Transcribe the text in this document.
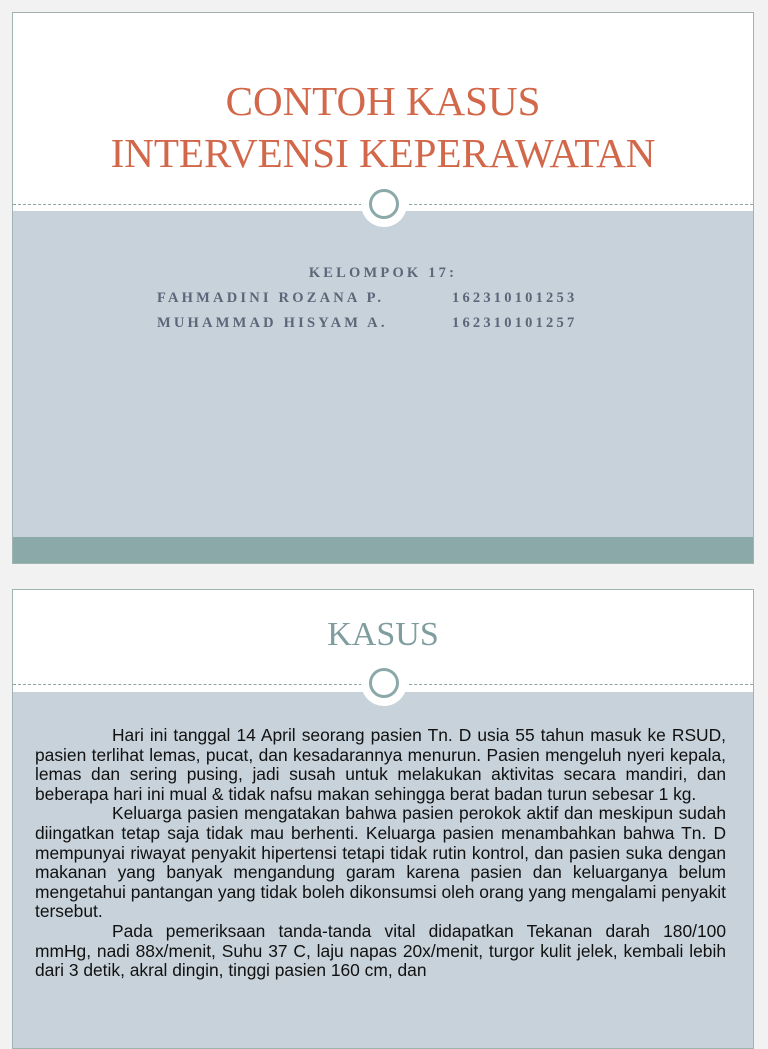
CONTOH KASUS
INTERVENSI KEPERAWATAN
KELOMPOK 17:
FAHMADINI ROZANA P.	162310101253
MUHAMMAD HISYAM A.	162310101257
KASUS

Hari ini tanggal 14 April seorang pasien Tn. D usia 55 tahun masuk ke RSUD, pasien terlihat lemas, pucat, dan kesadarannya menurun. Pasien mengeluh nyeri kepala, lemas dan sering pusing, jadi susah untuk melakukan aktivitas secara mandiri, dan beberapa hari ini mual & tidak nafsu makan sehingga berat badan turun sebesar 1 kg.

Keluarga pasien mengatakan bahwa pasien perokok aktif dan meskipun sudah diingatkan tetap saja tidak mau berhenti. Keluarga pasien menambahkan bahwa Tn. D mempunyai riwayat penyakit hipertensi tetapi tidak rutin kontrol, dan pasien suka dengan makanan yang banyak mengandung garam karena pasien dan keluarganya belum mengetahui pantangan yang tidak boleh dikonsumsi oleh orang yang mengalami penyakit tersebut.

Pada pemeriksaan tanda-tanda vital didapatkan Tekanan darah 180/100 mmHg, nadi 88x/menit, Suhu 37 C, laju napas 20x/menit, turgor kulit jelek, kembali lebih dari 3 detik, akral dingin, tinggi pasien 160 cm, dan
